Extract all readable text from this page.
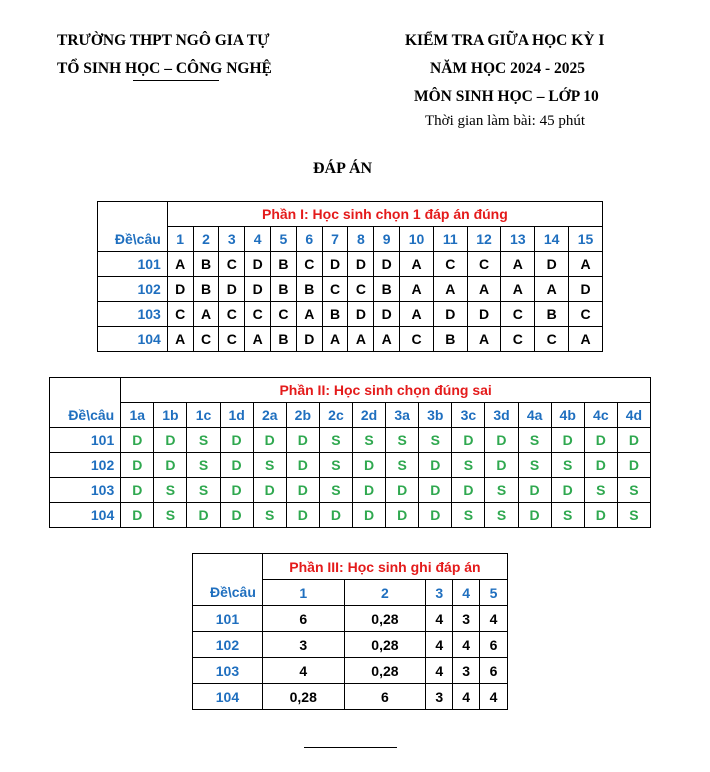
TRƯỜNG THPT NGÔ GIA TỰ
TỔ SINH HỌC – CÔNG NGHỆ
KIỂM TRA GIỮA HỌC KỲ I
NĂM HỌC 2024 - 2025
MÔN SINH HỌC – LỚP 10
Thời gian làm bài: 45 phút
ĐÁP ÁN
	Phần I: Học sinh chọn 1 đáp án đúng														
Đề\câu	1	2	3	4	5	6	7	8	9	10	11	12	13	14	15
101	A	B	C	D	B	C	D	D	D	A	C	C	A	D	A
102	D	B	D	D	B	B	C	C	B	A	A	A	A	A	D
103	C	A	C	C	C	A	B	D	D	A	D	D	C	B	C
104	A	C	C	A	B	D	A	A	A	C	B	A	C	C	A
	Phần II: Học sinh chọn đúng sai															
Đề\câu	1a	1b	1c	1d	2a	2b	2c	2d	3a	3b	3c	3d	4a	4b	4c	4d
101	D	D	S	D	D	D	S	S	S	S	D	D	S	D	D	D
102	D	D	S	D	S	D	S	D	S	D	S	D	S	S	D	D
103	D	S	S	D	D	D	S	D	D	D	D	S	D	D	S	S
104	D	S	D	D	S	D	D	D	D	D	S	S	D	S	D	S
	Phần III: Học sinh ghi đáp án				
Đề\câu	1	2	3	4	5
101	6	0,28	4	3	4
102	3	0,28	4	4	6
103	4	0,28	4	3	6
104	0,28	6	3	4	4
